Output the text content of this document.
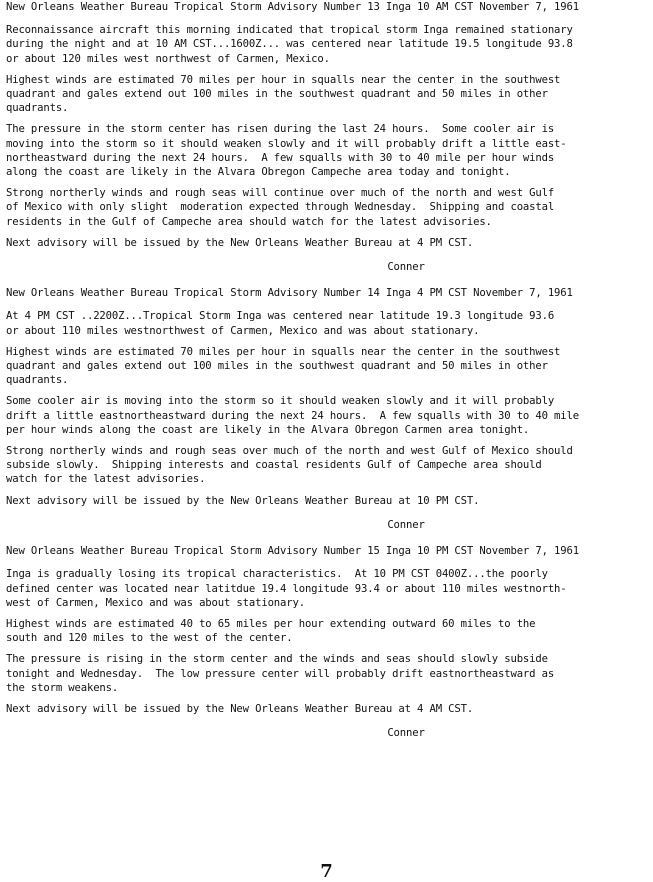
New Orleans Weather Bureau Tropical Storm Advisory Number 13 Inga 10 AM CST November 7, 1961
Reconnaissance aircraft this morning indicated that tropical storm Inga remained stationary
during the night and at 10 AM CST...1600Z... was centered near latitude 19.5 longitude 93.8
or about 120 miles west northwest of Carmen, Mexico.
Highest winds are estimated 70 miles per hour in squalls near the center in the southwest
quadrant and gales extend out 100 miles in the southwest quadrant and 50 miles in other
quadrants.
The pressure in the storm center has risen during the last 24 hours.  Some cooler air is
moving into the storm so it should weaken slowly and it will probably drift a little east-
northeastward during the next 24 hours.  A few squalls with 30 to 40 mile per hour winds
along the coast are likely in the Alvara Obregon Campeche area today and tonight.
Strong northerly winds and rough seas will continue over much of the north and west Gulf
of Mexico with only slight  moderation expected through Wednesday.  Shipping and coastal
residents in the Gulf of Campeche area should watch for the latest advisories.
Next advisory will be issued by the New Orleans Weather Bureau at 4 PM CST.
Conner
New Orleans Weather Bureau Tropical Storm Advisory Number 14 Inga 4 PM CST November 7, 1961
At 4 PM CST ..2200Z...Tropical Storm Inga was centered near latitude 19.3 longitude 93.6
or about 110 miles westnorthwest of Carmen, Mexico and was about stationary.
Highest winds are estimated 70 miles per hour in squalls near the center in the southwest
quadrant and gales extend out 100 miles in the southwest quadrant and 50 miles in other
quadrants.
Some cooler air is moving into the storm so it should weaken slowly and it will probably
drift a little eastnortheastward during the next 24 hours.  A few squalls with 30 to 40 mile
per hour winds along the coast are likely in the Alvara Obregon Carmen area tonight.
Strong northerly winds and rough seas over much of the north and west Gulf of Mexico should
subside slowly.  Shipping interests and coastal residents Gulf of Campeche area should
watch for the latest advisories.
Next advisory will be issued by the New Orleans Weather Bureau at 10 PM CST.
Conner
New Orleans Weather Bureau Tropical Storm Advisory Number 15 Inga 10 PM CST November 7, 1961
Inga is gradually losing its tropical characteristics.  At 10 PM CST 0400Z...the poorly
defined center was located near latitdue 19.4 longitude 93.4 or about 110 miles westnorth-
west of Carmen, Mexico and was about stationary.
Highest winds are estimated 40 to 65 miles per hour extending outward 60 miles to the
south and 120 miles to the west of the center.
The pressure is rising in the storm center and the winds and seas should slowly subside
tonight and Wednesday.  The low pressure center will probably drift eastnortheastward as
the storm weakens.
Next advisory will be issued by the New Orleans Weather Bureau at 4 AM CST.
Conner
7
